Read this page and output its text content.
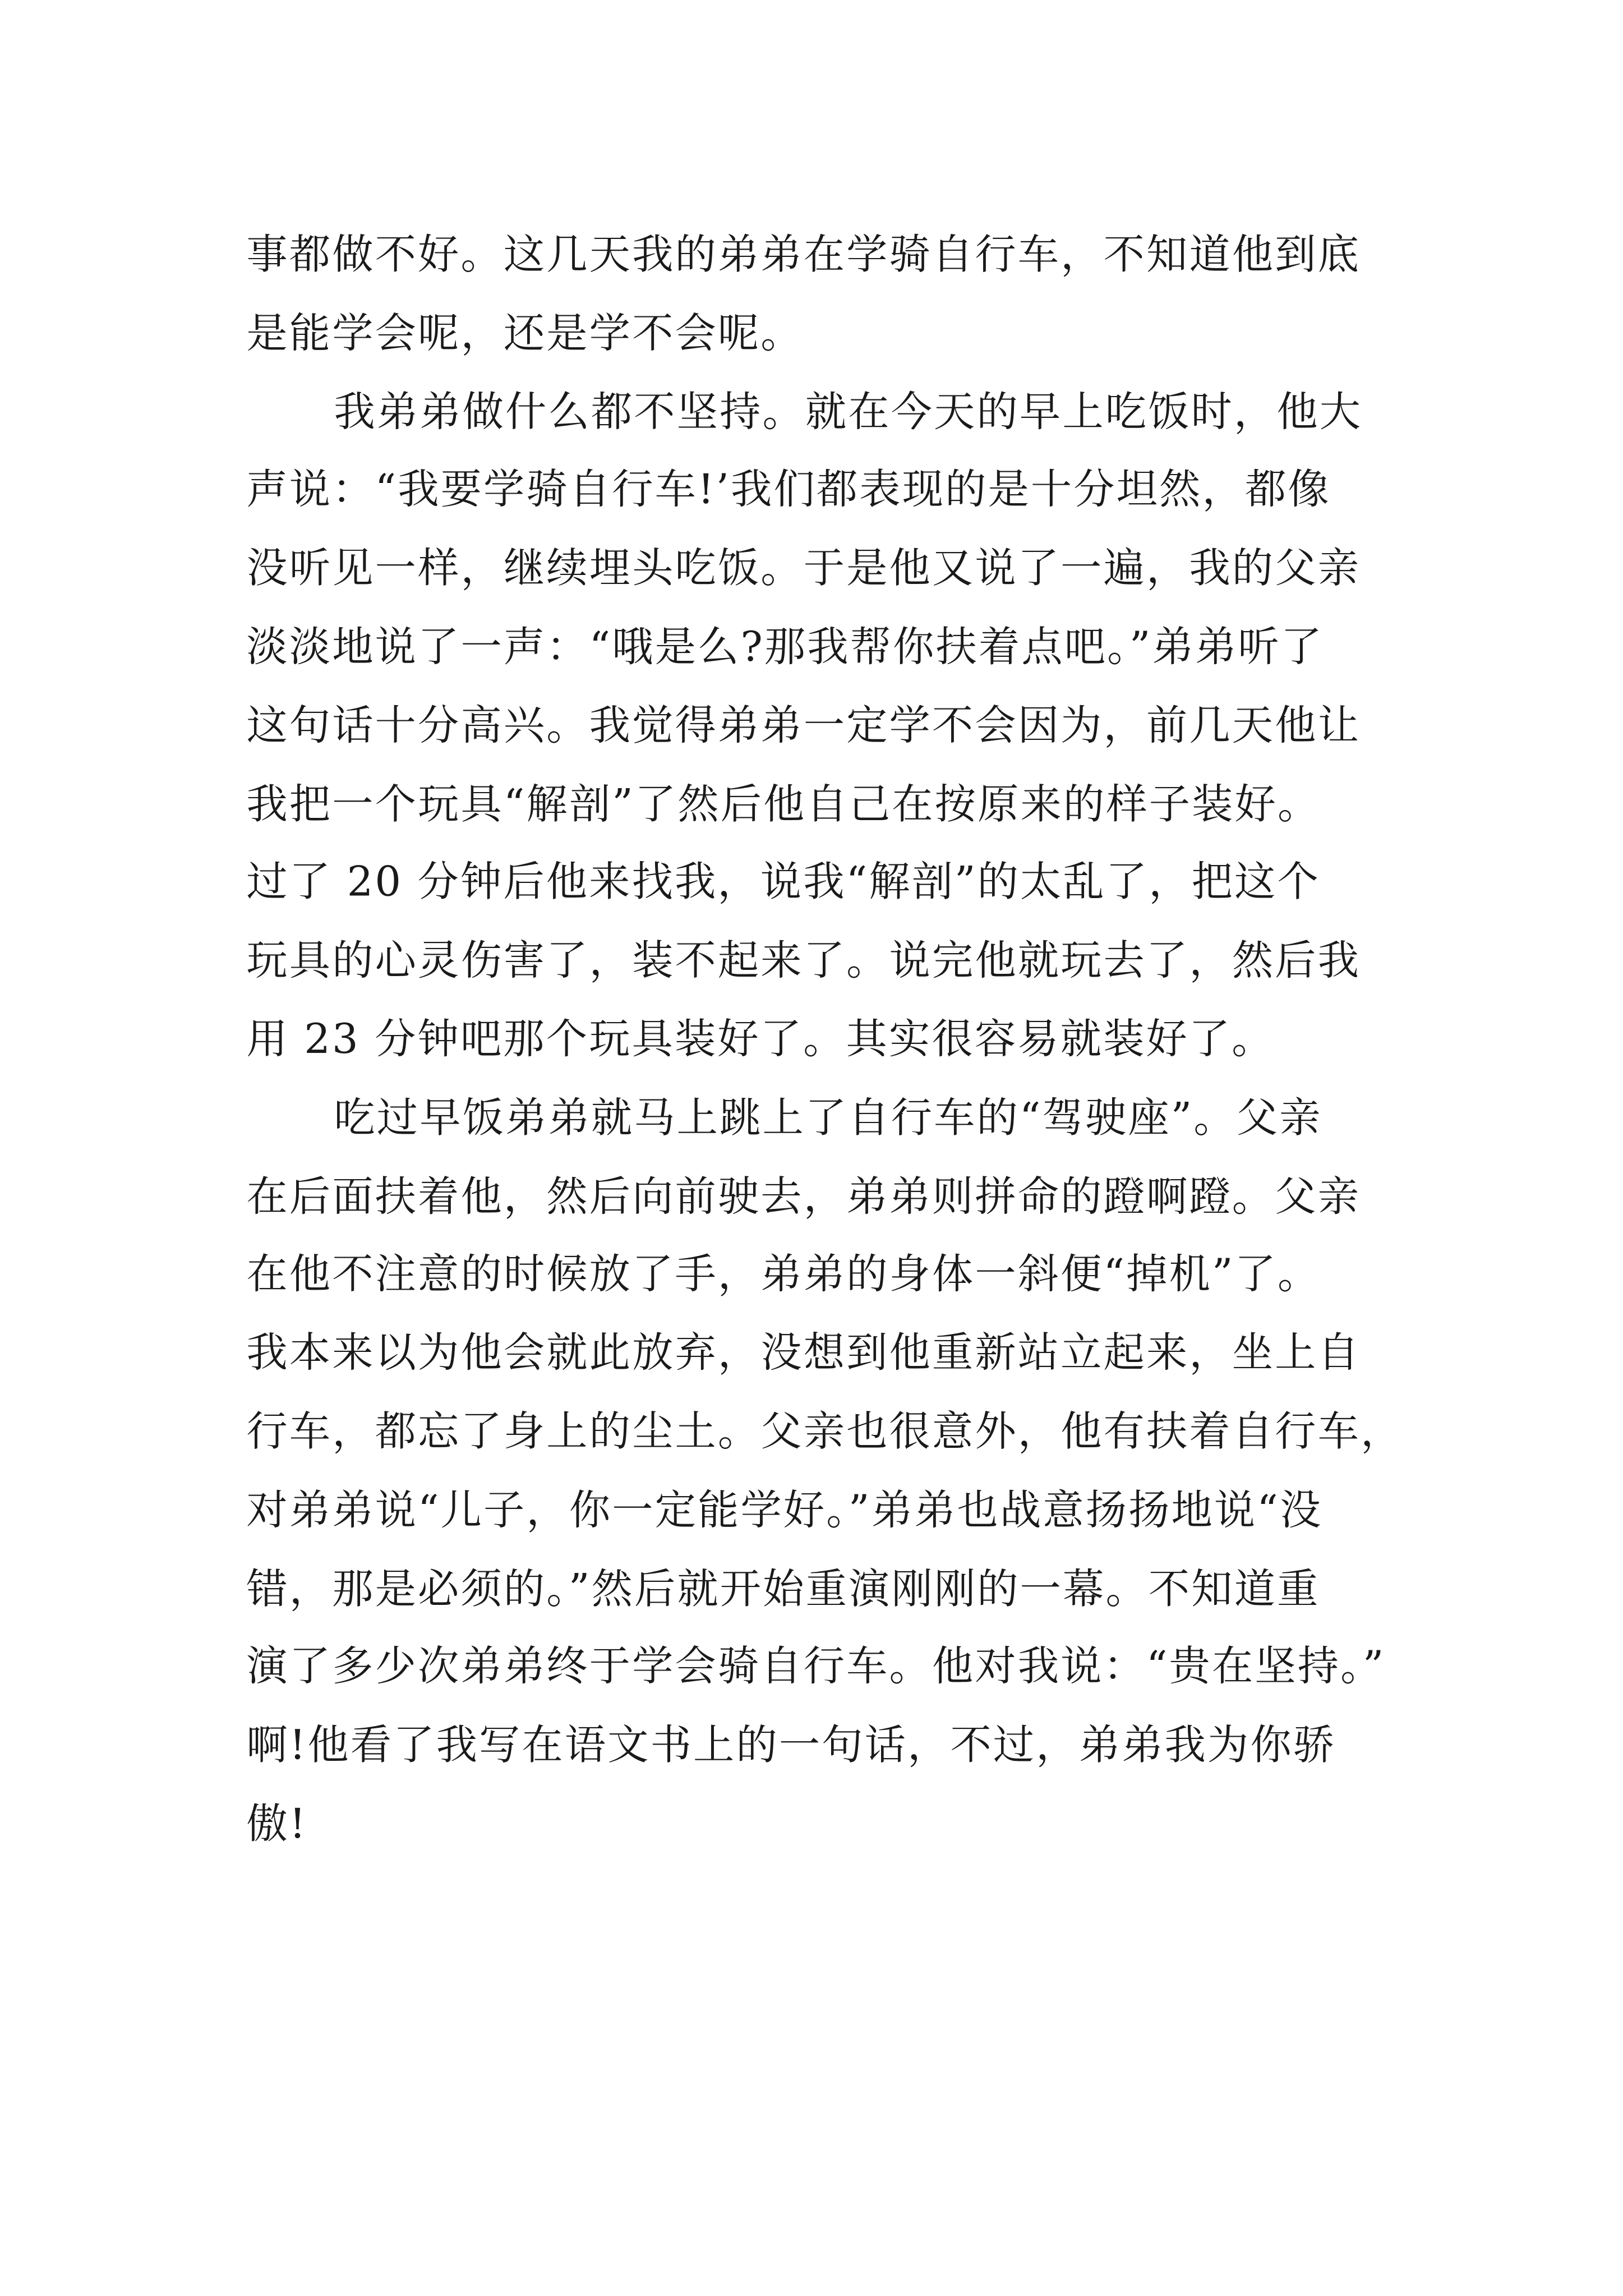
事都做不好。这几天我的弟弟在学骑自行车，不知道他到底
是能学会呢，还是学不会呢。
我弟弟做什么都不坚持。就在今天的早上吃饭时，他大
声说：“我要学骑自行车!’我们都表现的是十分坦然，都像
没听见一样，继续埋头吃饭。于是他又说了一遍，我的父亲
淡淡地说了一声：“哦是么?那我帮你扶着点吧。”弟弟听了
这句话十分高兴。我觉得弟弟一定学不会因为，前几天他让
我把一个玩具“解剖”了然后他自己在按原来的样子装好。
过了 20 分钟后他来找我，说我“解剖”的太乱了，把这个
玩具的心灵伤害了，装不起来了。说完他就玩去了，然后我
用 23 分钟吧那个玩具装好了。其实很容易就装好了。
吃过早饭弟弟就马上跳上了自行车的“驾驶座”。父亲
在后面扶着他，然后向前驶去，弟弟则拼命的蹬啊蹬。父亲
在他不注意的时候放了手，弟弟的身体一斜便“掉机”了。
我本来以为他会就此放弃，没想到他重新站立起来，坐上自
行车，都忘了身上的尘土。父亲也很意外，他有扶着自行车，
对弟弟说“儿子，你一定能学好。”弟弟也战意扬扬地说“没
错，那是必须的。”然后就开始重演刚刚的一幕。不知道重
演了多少次弟弟终于学会骑自行车。他对我说：“贵在坚持。”
啊!他看了我写在语文书上的一句话，不过，弟弟我为你骄
傲!
